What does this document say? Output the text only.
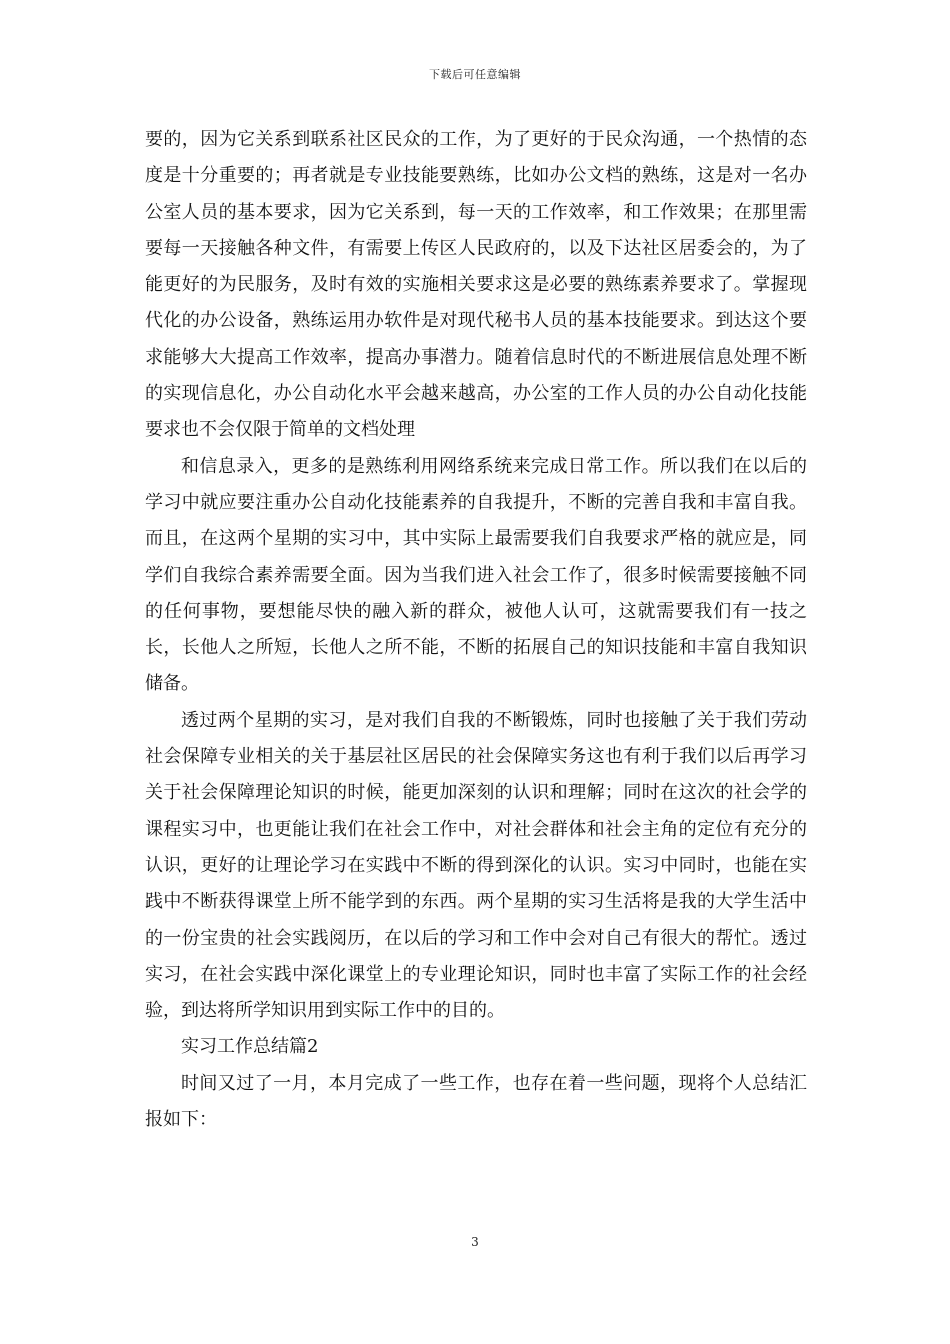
下载后可任意编辑

要的，因为它关系到联系社区民众的工作，为了更好的于民众沟通，一个热情的态度是十分重要的；再者就是专业技能要熟练，比如办公文档的熟练，这是对一名办公室人员的基本要求，因为它关系到，每一天的工作效率，和工作效果；在那里需要每一天接触各种文件，有需要上传区人民政府的，以及下达社区居委会的，为了能更好的为民服务，及时有效的实施相关要求这是必要的熟练素养要求了。掌握现代化的办公设备，熟练运用办软件是对现代秘书人员的基本技能要求。到达这个要求能够大大提高工作效率，提高办事潜力。随着信息时代的不断进展信息处理不断的实现信息化，办公自动化水平会越来越高，办公室的工作人员的办公自动化技能要求也不会仅限于简单的文档处理

和信息录入，更多的是熟练利用网络系统来完成日常工作。所以我们在以后的学习中就应要注重办公自动化技能素养的自我提升，不断的完善自我和丰富自我。而且，在这两个星期的实习中，其中实际上最需要我们自我要求严格的就应是，同学们自我综合素养需要全面。因为当我们进入社会工作了，很多时候需要接触不同的任何事物，要想能尽快的融入新的群众，被他人认可，这就需要我们有一技之长，长他人之所短，长他人之所不能，不断的拓展自己的知识技能和丰富自我知识储备。

透过两个星期的实习，是对我们自我的不断锻炼，同时也接触了关于我们劳动社会保障专业相关的关于基层社区居民的社会保障实务这也有利于我们以后再学习关于社会保障理论知识的时候，能更加深刻的认识和理解；同时在这次的社会学的课程实习中，也更能让我们在社会工作中，对社会群体和社会主角的定位有充分的认识，更好的让理论学习在实践中不断的得到深化的认识。实习中同时，也能在实践中不断获得课堂上所不能学到的东西。两个星期的实习生活将是我的大学生活中的一份宝贵的社会实践阅历，在以后的学习和工作中会对自己有很大的帮忙。透过实习，在社会实践中深化课堂上的专业理论知识，同时也丰富了实际工作的社会经验，到达将所学知识用到实际工作中的目的。

实习工作总结篇2

时间又过了一月，本月完成了一些工作，也存在着一些问题，现将个人总结汇报如下：

3
